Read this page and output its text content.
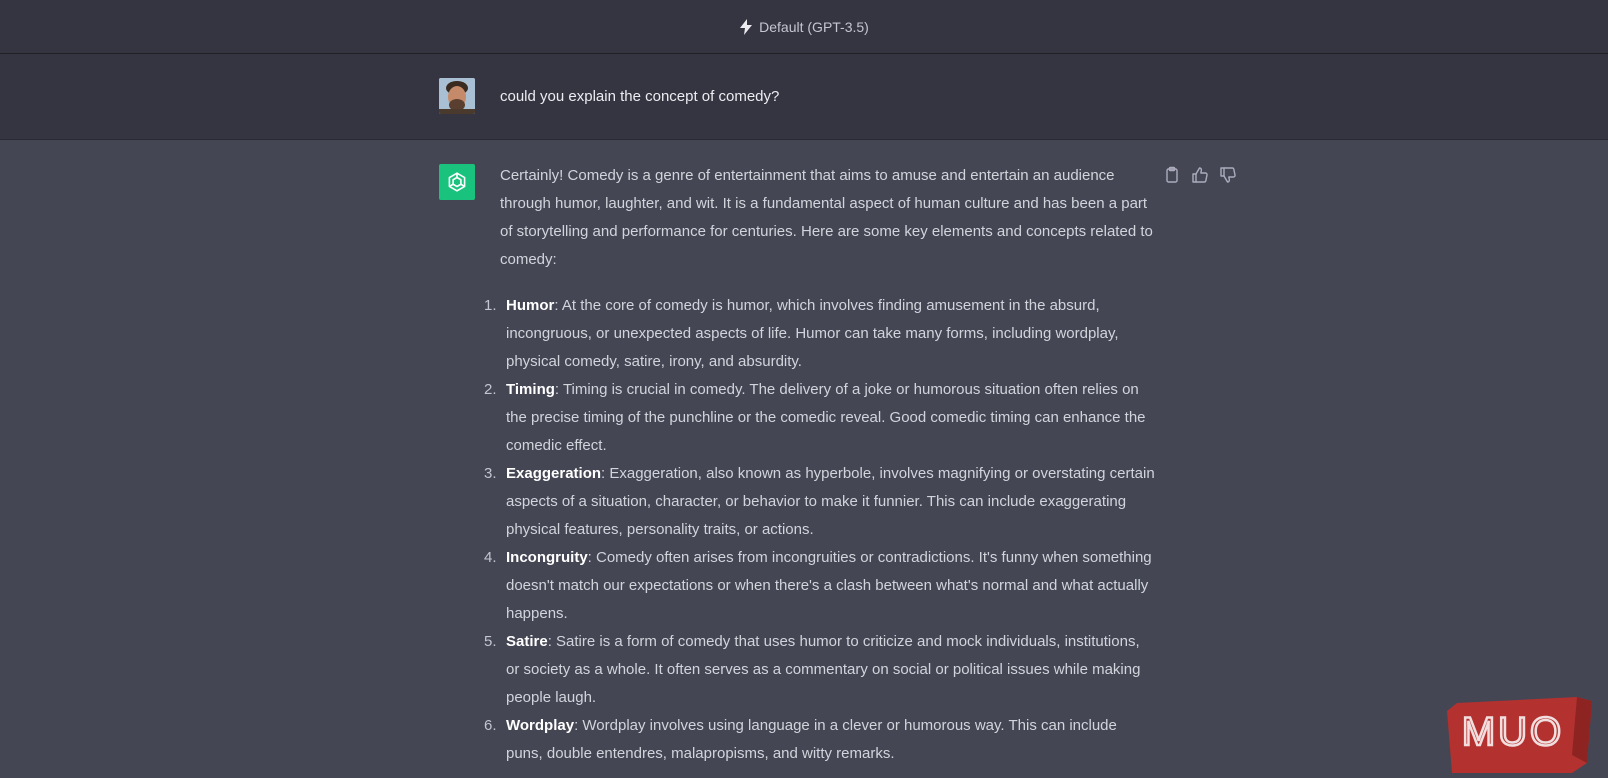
Default (GPT-3.5)
could you explain the concept of comedy?

Certainly! Comedy is a genre of entertainment that aims to amuse and entertain an audience through humor, laughter, and wit. It is a fundamental aspect of human culture and has been a part of storytelling and performance for centuries. Here are some key elements and concepts related to comedy:

1. Humor: At the core of comedy is humor, which involves finding amusement in the absurd, incongruous, or unexpected aspects of life. Humor can take many forms, including wordplay, physical comedy, satire, irony, and absurdity.
2. Timing: Timing is crucial in comedy. The delivery of a joke or humorous situation often relies on the precise timing of the punchline or the comedic reveal. Good comedic timing can enhance the comedic effect.
3. Exaggeration: Exaggeration, also known as hyperbole, involves magnifying or overstating certain aspects of a situation, character, or behavior to make it funnier. This can include exaggerating physical features, personality traits, or actions.
4. Incongruity: Comedy often arises from incongruities or contradictions. It's funny when something doesn't match our expectations or when there's a clash between what's normal and what actually happens.
5. Satire: Satire is a form of comedy that uses humor to criticize and mock individuals, institutions, or society as a whole. It often serves as a commentary on social or political issues while making people laugh.
6. Wordplay: Wordplay involves using language in a clever or humorous way. This can include puns, double entendres, malapropisms, and witty remarks.	MUO
